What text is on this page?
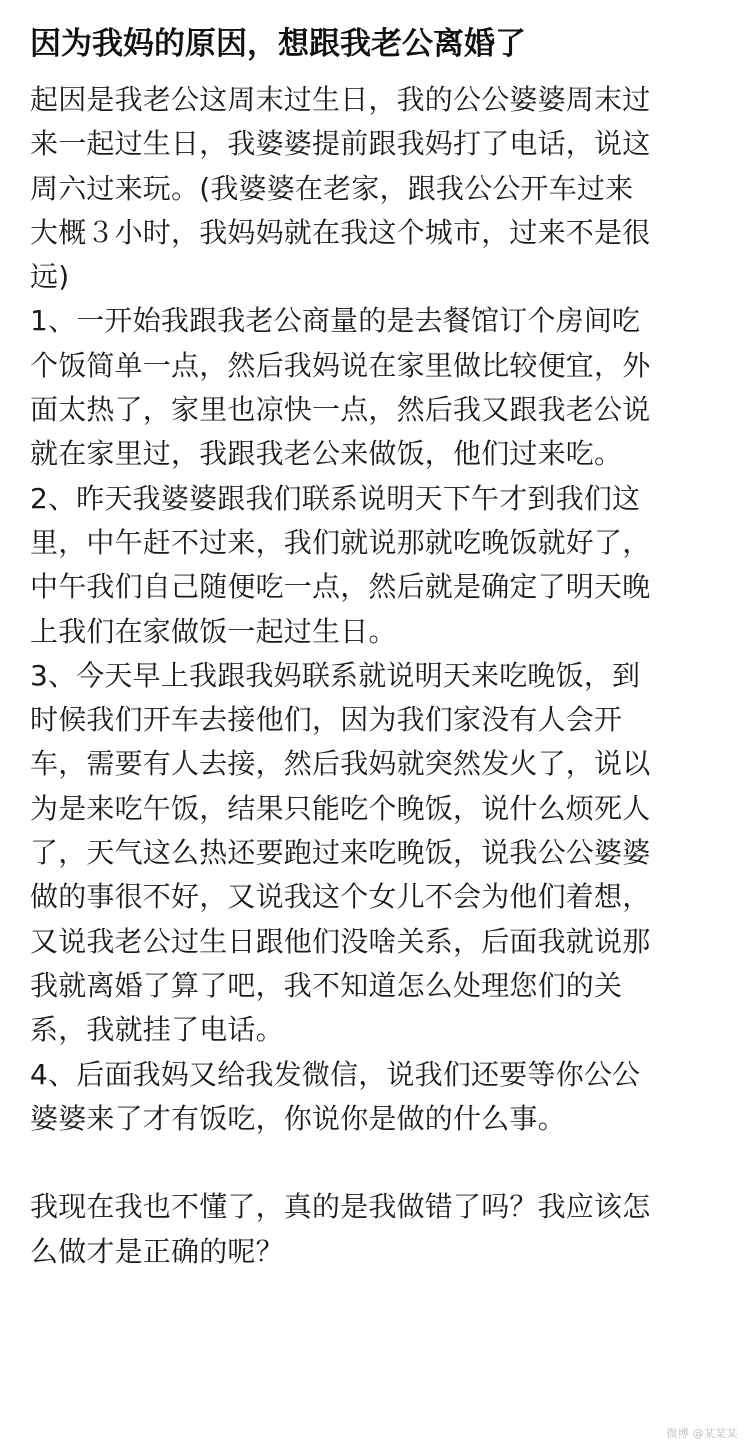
因为我妈的原因，想跟我老公离婚了
起因是我老公这周末过生日，我的公公婆婆周末过
来一起过生日，我婆婆提前跟我妈打了电话，说这
周六过来玩。(我婆婆在老家，跟我公公开车过来
大概３小时，我妈妈就在我这个城市，过来不是很
远)
1、一开始我跟我老公商量的是去餐馆订个房间吃
个饭简单一点，然后我妈说在家里做比较便宜，外
面太热了，家里也凉快一点，然后我又跟我老公说
就在家里过，我跟我老公来做饭，他们过来吃。
2、昨天我婆婆跟我们联系说明天下午才到我们这
里，中午赶不过来，我们就说那就吃晚饭就好了，
中午我们自己随便吃一点，然后就是确定了明天晚
上我们在家做饭一起过生日。
3、今天早上我跟我妈联系就说明天来吃晚饭，到
时候我们开车去接他们，因为我们家没有人会开
车，需要有人去接，然后我妈就突然发火了，说以
为是来吃午饭，结果只能吃个晚饭，说什么烦死人
了，天气这么热还要跑过来吃晚饭，说我公公婆婆
做的事很不好，又说我这个女儿不会为他们着想，
又说我老公过生日跟他们没啥关系，后面我就说那
我就离婚了算了吧，我不知道怎么处理您们的关
系，我就挂了电话。
4、后面我妈又给我发微信，说我们还要等你公公
婆婆来了才有饭吃，你说你是做的什么事。
我现在我也不懂了，真的是我做错了吗？我应该怎
么做才是正确的呢？
微博 @某某某
